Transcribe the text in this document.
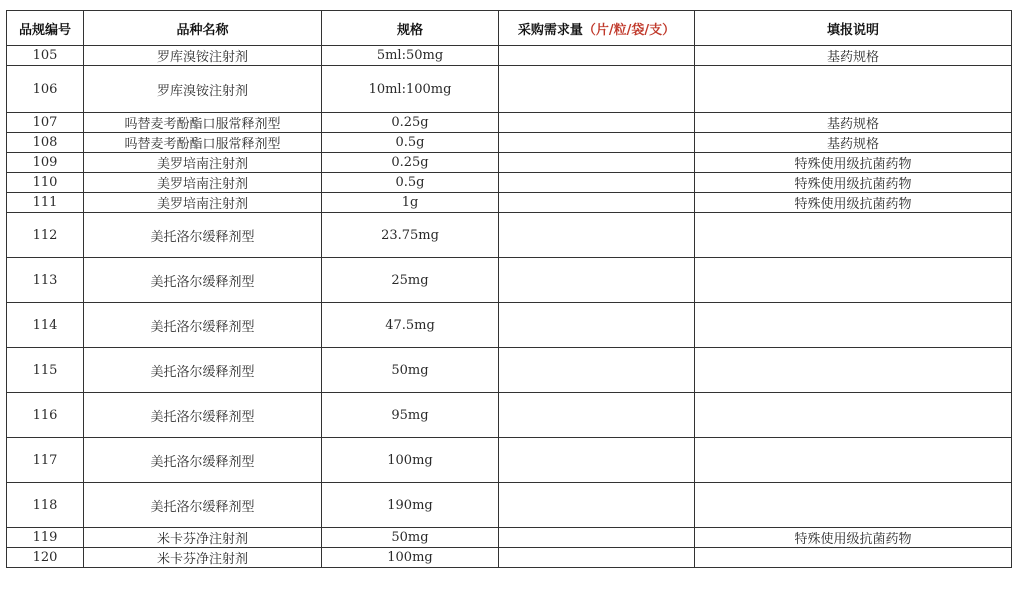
品规编号	品种名称	规格	采购需求量（片/粒/袋/支）	填报说明
105	罗库溴铵注射剂	5ml:50mg		基药规格
106	罗库溴铵注射剂	10ml:100mg		
107	吗替麦考酚酯口服常释剂型	0.25g		基药规格
108	吗替麦考酚酯口服常释剂型	0.5g		基药规格
109	美罗培南注射剂	0.25g		特殊使用级抗菌药物
110	美罗培南注射剂	0.5g		特殊使用级抗菌药物
111	美罗培南注射剂	1g		特殊使用级抗菌药物
112	美托洛尔缓释剂型	23.75mg		
113	美托洛尔缓释剂型	25mg		
114	美托洛尔缓释剂型	47.5mg		
115	美托洛尔缓释剂型	50mg		
116	美托洛尔缓释剂型	95mg		
117	美托洛尔缓释剂型	100mg		
118	美托洛尔缓释剂型	190mg		
119	米卡芬净注射剂	50mg		特殊使用级抗菌药物
120	米卡芬净注射剂	100mg		
